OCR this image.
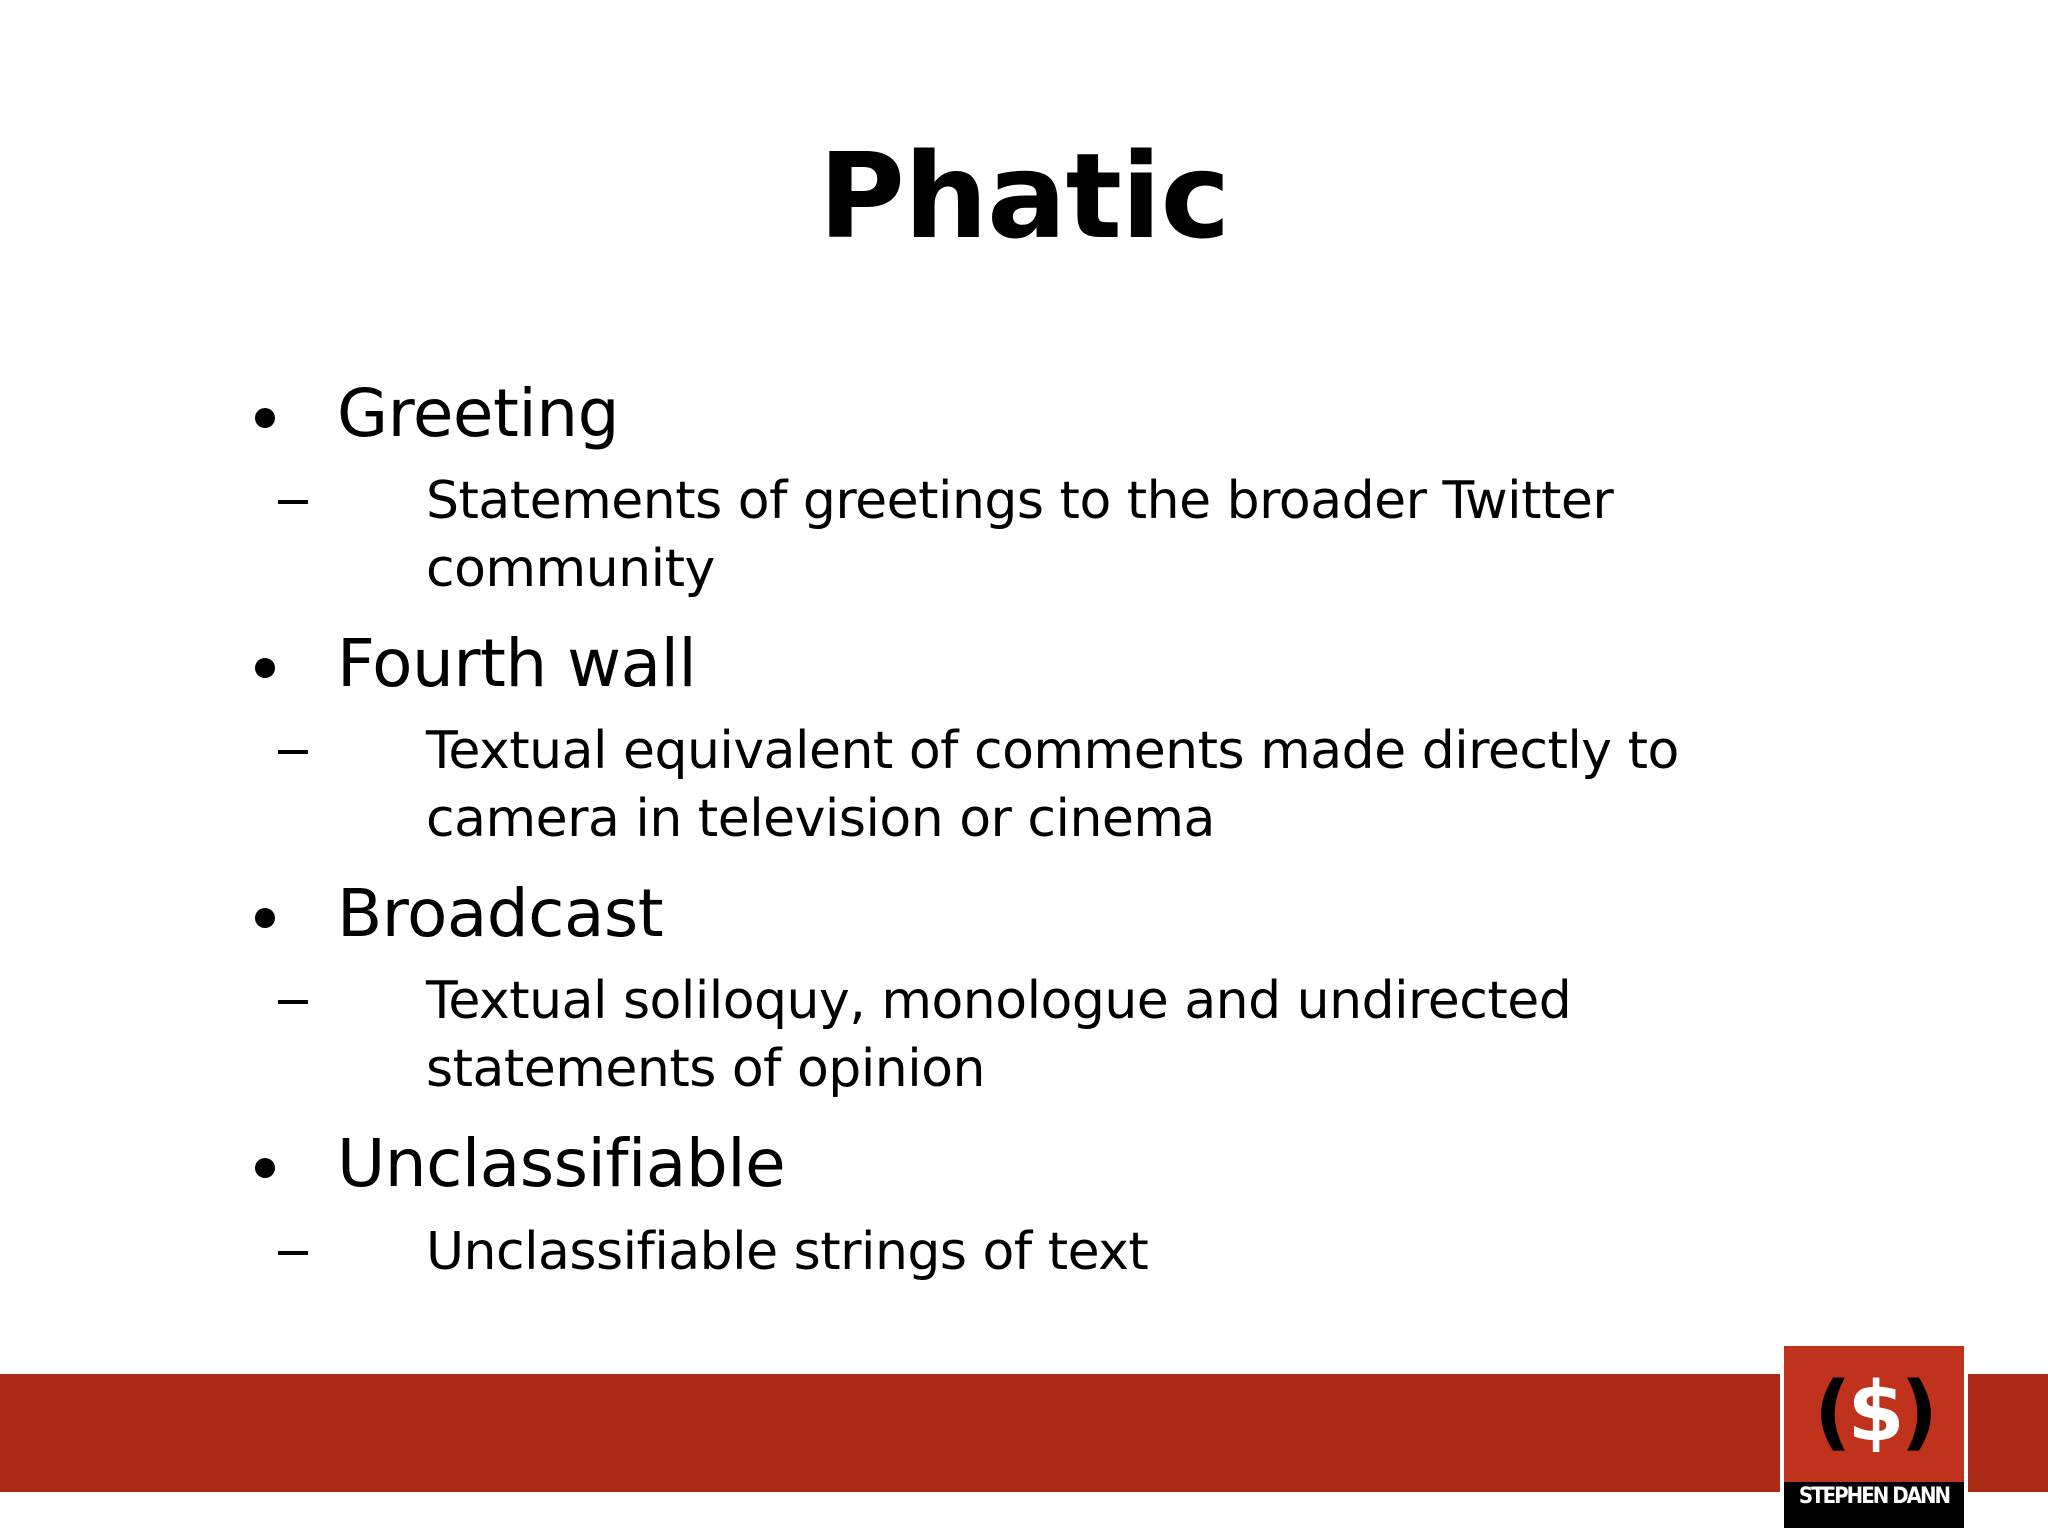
Phatic
Greeting
Statements of greetings to the broader Twitter community
Fourth wall
Textual equivalent of comments made directly to camera in television or cinema
Broadcast
Textual soliloquy, monologue and undirected statements of opinion
Unclassifiable
Unclassifiable strings of text
($)
STEPHEN DANN
